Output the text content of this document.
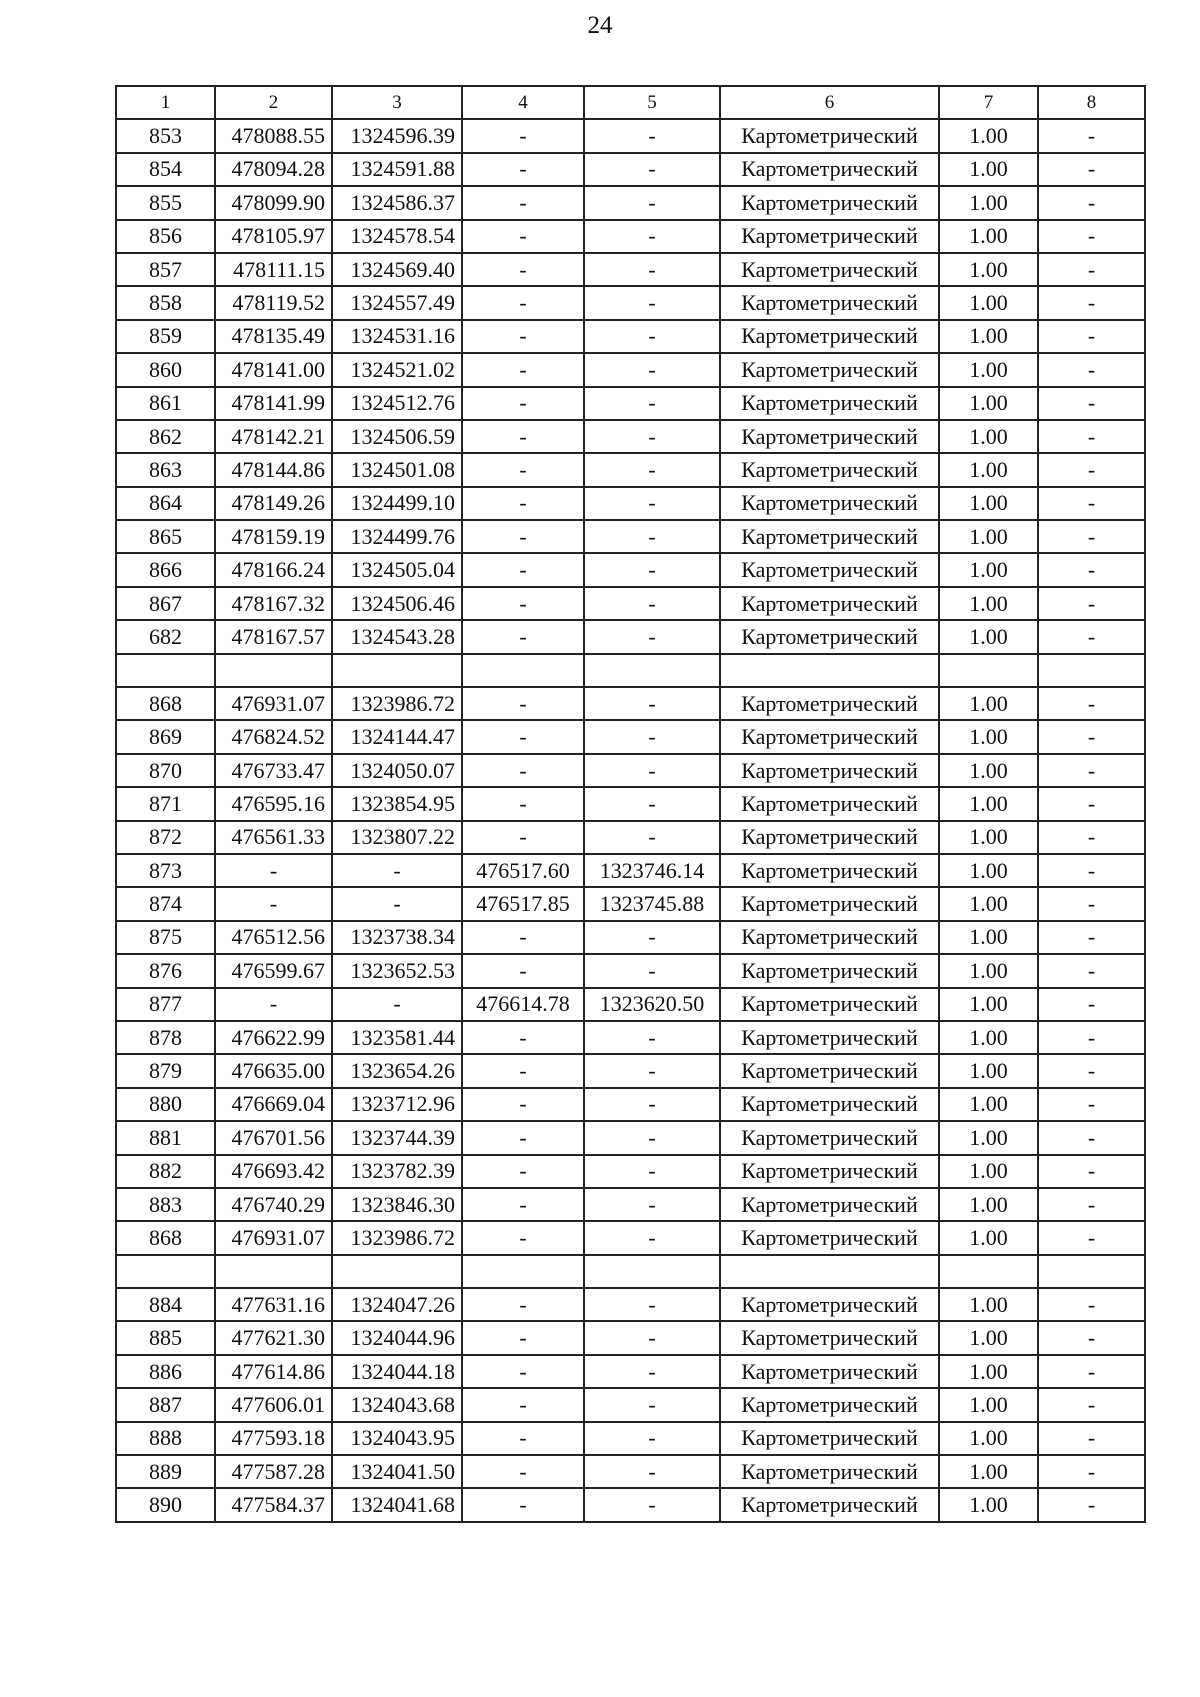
24
1	2	3	4	5	6	7	8
853	478088.55	1324596.39	-	-	Картометрический	1.00	-
854	478094.28	1324591.88	-	-	Картометрический	1.00	-
855	478099.90	1324586.37	-	-	Картометрический	1.00	-
856	478105.97	1324578.54	-	-	Картометрический	1.00	-
857	478111.15	1324569.40	-	-	Картометрический	1.00	-
858	478119.52	1324557.49	-	-	Картометрический	1.00	-
859	478135.49	1324531.16	-	-	Картометрический	1.00	-
860	478141.00	1324521.02	-	-	Картометрический	1.00	-
861	478141.99	1324512.76	-	-	Картометрический	1.00	-
862	478142.21	1324506.59	-	-	Картометрический	1.00	-
863	478144.86	1324501.08	-	-	Картометрический	1.00	-
864	478149.26	1324499.10	-	-	Картометрический	1.00	-
865	478159.19	1324499.76	-	-	Картометрический	1.00	-
866	478166.24	1324505.04	-	-	Картометрический	1.00	-
867	478167.32	1324506.46	-	-	Картометрический	1.00	-
682	478167.57	1324543.28	-	-	Картометрический	1.00	-

868	476931.07	1323986.72	-	-	Картометрический	1.00	-
869	476824.52	1324144.47	-	-	Картометрический	1.00	-
870	476733.47	1324050.07	-	-	Картометрический	1.00	-
871	476595.16	1323854.95	-	-	Картометрический	1.00	-
872	476561.33	1323807.22	-	-	Картометрический	1.00	-
873	-	-	476517.60	1323746.14	Картометрический	1.00	-
874	-	-	476517.85	1323745.88	Картометрический	1.00	-
875	476512.56	1323738.34	-	-	Картометрический	1.00	-
876	476599.67	1323652.53	-	-	Картометрический	1.00	-
877	-	-	476614.78	1323620.50	Картометрический	1.00	-
878	476622.99	1323581.44	-	-	Картометрический	1.00	-
879	476635.00	1323654.26	-	-	Картометрический	1.00	-
880	476669.04	1323712.96	-	-	Картометрический	1.00	-
881	476701.56	1323744.39	-	-	Картометрический	1.00	-
882	476693.42	1323782.39	-	-	Картометрический	1.00	-
883	476740.29	1323846.30	-	-	Картометрический	1.00	-
868	476931.07	1323986.72	-	-	Картометрический	1.00	-

884	477631.16	1324047.26	-	-	Картометрический	1.00	-
885	477621.30	1324044.96	-	-	Картометрический	1.00	-
886	477614.86	1324044.18	-	-	Картометрический	1.00	-
887	477606.01	1324043.68	-	-	Картометрический	1.00	-
888	477593.18	1324043.95	-	-	Картометрический	1.00	-
889	477587.28	1324041.50	-	-	Картометрический	1.00	-
890	477584.37	1324041.68	-	-	Картометрический	1.00	-
